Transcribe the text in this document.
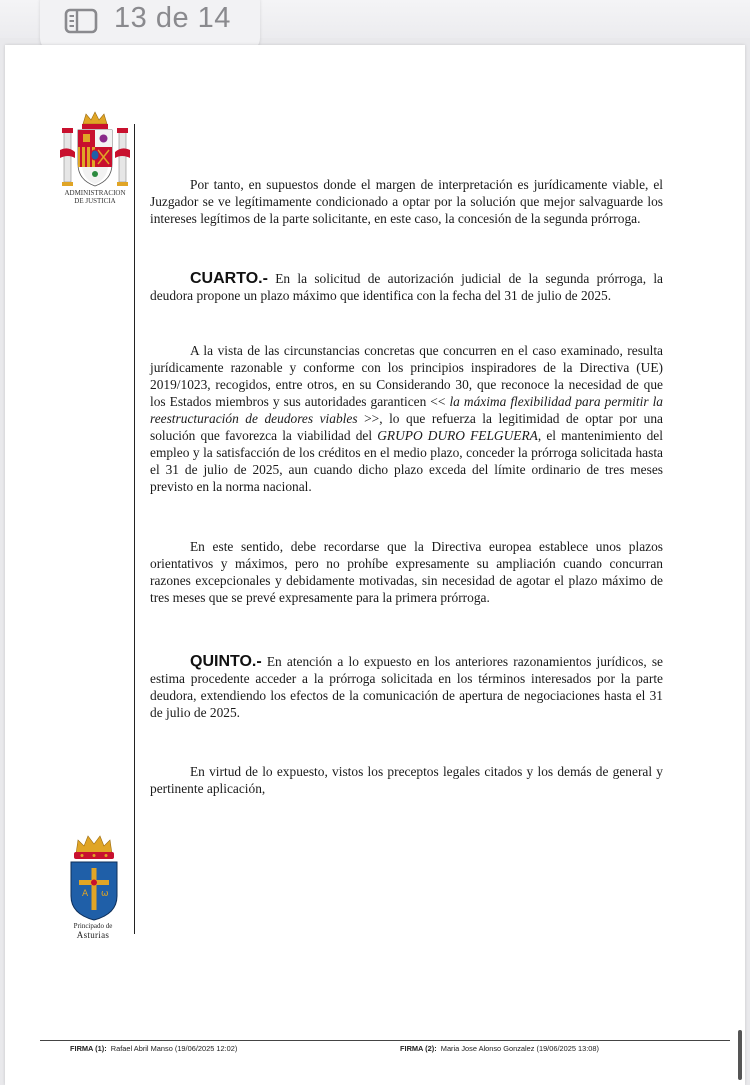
13 de 14
ADMINISTRACION
DE JUSTICIA
A ω
Principado de
Asturias
Por tanto, en supuestos donde el margen de interpretación es jurídicamente viable, el Juzgador se ve legítimamente condicionado a optar por la solución que mejor salvaguarde los intereses legítimos de la parte solicitante, en este caso, la concesión de la segunda prórroga.
CUARTO.- En la solicitud de autorización judicial de la segunda prórroga, la deudora propone un plazo máximo que identifica con la fecha del 31 de julio de 2025.
A la vista de las circunstancias concretas que concurren en el caso examinado, resulta jurídicamente razonable y conforme con los principios inspiradores de la Directiva (UE) 2019/1023, recogidos, entre otros, en su Considerando 30, que reconoce la necesidad de que los Estados miembros y sus autoridades garanticen << la máxima flexibilidad para permitir la reestructuración de deudores viables >>, lo que refuerza la legitimidad de optar por una solución que favorezca la viabilidad del GRUPO DURO FELGUERA, el mantenimiento del empleo y la satisfacción de los créditos en el medio plazo, conceder la prórroga solicitada hasta el 31 de julio de 2025, aun cuando dicho plazo exceda del límite ordinario de tres meses previsto en la norma nacional.
En este sentido, debe recordarse que la Directiva europea establece unos plazos orientativos y máximos, pero no prohíbe expresamente su ampliación cuando concurran razones excepcionales y debidamente motivadas, sin necesidad de agotar el plazo máximo de tres meses que se prevé expresamente para la primera prórroga.
QUINTO.- En atención a lo expuesto en los anteriores razonamientos jurídicos, se estima procedente acceder a la prórroga solicitada en los términos interesados por la parte deudora, extendiendo los efectos de la comunicación de apertura de negociaciones hasta el 31 de julio de 2025.
En virtud de lo expuesto, vistos los preceptos legales citados y los demás de general y pertinente aplicación,
FIRMA (1): Rafael Abril Manso (19/06/2025 12:02)	FIRMA (2): Maria Jose Alonso Gonzalez (19/06/2025 13:08)
